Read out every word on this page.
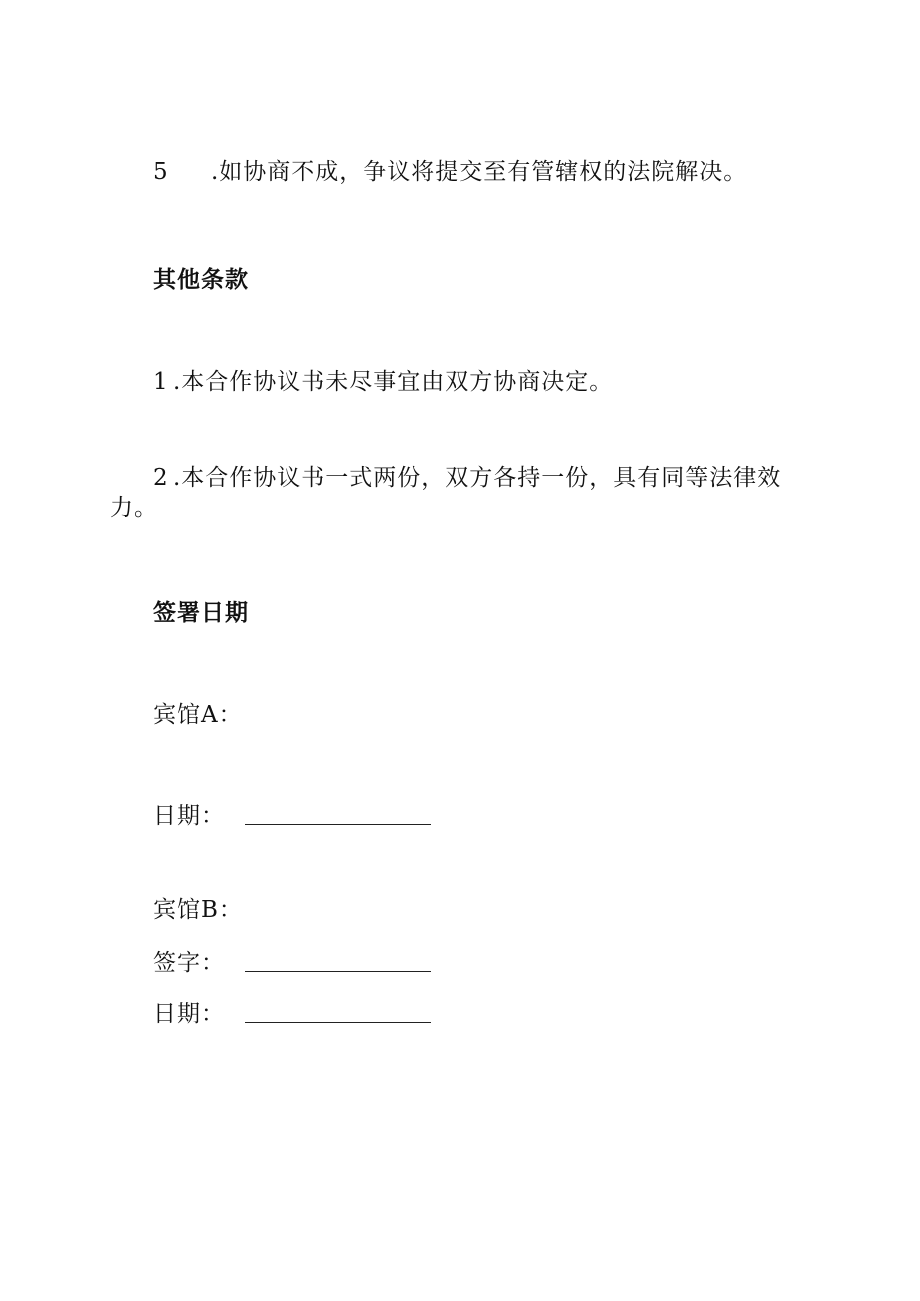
5 .如协商不成，争议将提交至有管辖权的法院解决。
其他条款
1 .本合作协议书未尽事宜由双方协商决定。
2 .本合作协议书一式两份，双方各持一份，具有同等法律效
力。
签署日期
宾馆A：
日期：
宾馆B：
签字：
日期：
